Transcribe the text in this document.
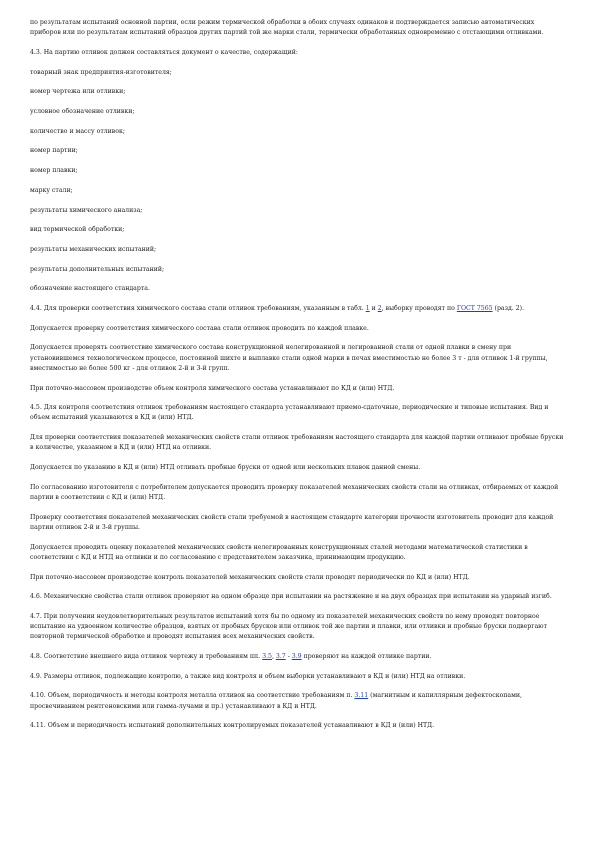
по результатам испытаний основной партии, если режим термической обработки в обоих случаях одинаков и подтверждается записью автоматических приборов или по результатам испытаний образцов других партий той же марки стали, термически обработанных одновременно с отстающими отливками.

4.3. На партию отливок должен составляться документ о качестве, содержащий:

товарный знак предприятия-изготовителя;

номер чертежа или отливки;

условное обозначение отливки;

количество и массу отливок;

номер партии;

номер плавки;

марку стали;

результаты химического анализа;

вид термической обработки;

результаты механических испытаний;

результаты дополнительных испытаний;

обозначение настоящего стандарта.

4.4. Для проверки соответствия химического состава стали отливок требованиям, указанным в табл. 1 и 2, выборку проводят по ГОСТ 7565 (разд. 2).

Допускается проверку соответствия химического состава стали отливок проводить по каждой плавке.

Допускается проверять соответствие химического состава конструкционной нелегированной и легированной стали от одной плавки в смену при установившемся технологическом процессе, постоянной шихте и выплавке стали одной марки в печах вместимостью не более 3 т - для отливок 1-й группы, вместимостью не более 500 кг - для отливок 2-й и 3-й групп.

При поточно-массовом производстве объем контроля химического состава устанавливают по КД и (или) НТД.

4.5. Для контроля соответствия отливок требованиям настоящего стандарта устанавливают приемо-сдаточные, периодические и типовые испытания. Вид и объем испытаний указываются в КД и (или) НТД.

Для проверки соответствия показателей механических свойств стали отливок требованиям настоящего стандарта для каждой партии отливают пробные бруски в количестве, указанном в КД и (или) НТД на отливки.

Допускается по указанию в КД и (или) НТД отливать пробные бруски от одной или нескольких плавок данной смены.

По согласованию изготовителя с потребителем допускается проводить проверку показателей механических свойств стали на отливках, отбираемых от каждой партии в соответствии с КД и (или) НТД.

Проверку соответствия показателей механических свойств стали требуемой в настоящем стандарте категории прочности изготовитель проводит для каждой партии отливок 2-й и 3-й группы.

Допускается проводить оценку показателей механических свойств нелегированных конструкционных сталей методами математической статистики в соответствии с КД и НТД на отливки и по согласованию с представителем заказчика, принимающим продукцию.

При поточно-массовом производстве контроль показателей механических свойств стали проводят периодически по КД и (или) НТД.

4.6. Механические свойства стали отливок проверяют на одном образце при испытании на растяжение и на двух образцах при испытании на ударный изгиб.

4.7. При получении неудовлетворительных результатов испытаний хотя бы по одному из показателей механических свойств по нему проводят повторное испытание на удвоенном количестве образцов, взятых от пробных брусков или отливок той же партии и плавки, или отливки и пробные бруски подвергают повторной термической обработке и проводят испытания всех механических свойств.

4.8. Соответствие внешнего вида отливок чертежу и требованиям пп. 3.5, 3.7 - 3.9 проверяют на каждой отливке партии.

4.9. Размеры отливок, подлежащие контролю, а также вид контроля и объем выборки устанавливают в КД и (или) НТД на отливки.

4.10. Объем, периодичность и методы контроля металла отливок на соответствие требованиям п. 3.11 (магнитным и капиллярным дефектоскопами, просвечиванием рентгеновскими или гамма-лучами и пр.) устанавливают в КД и НТД.

4.11. Объем и периодичность испытаний дополнительных контролируемых показателей устанавливают в КД и (или) НТД.
